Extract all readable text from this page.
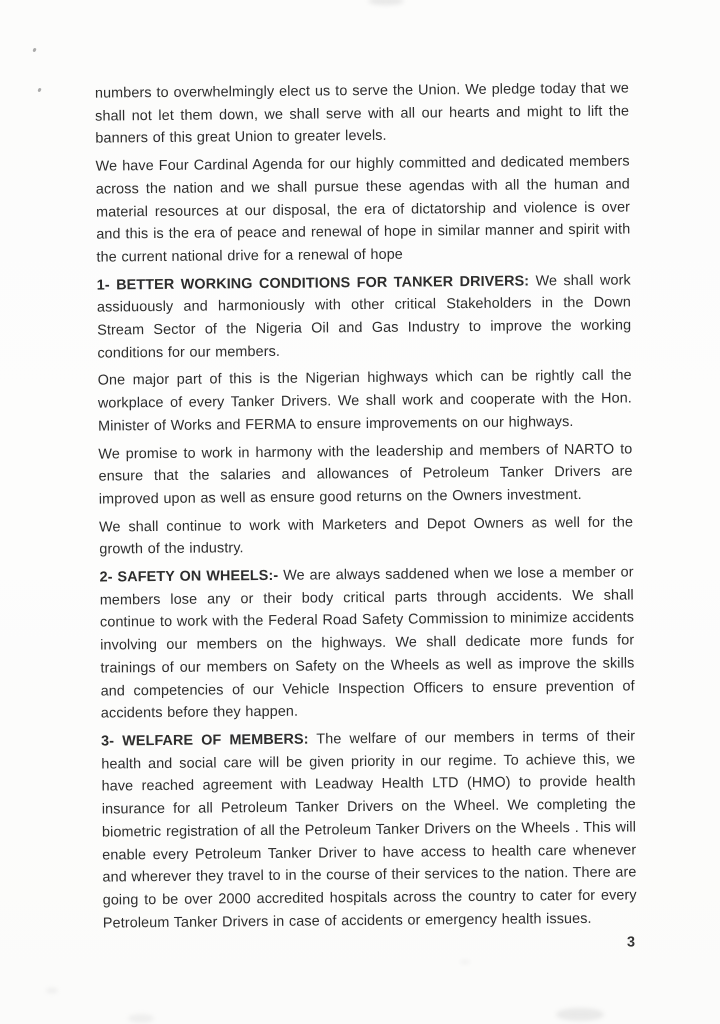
numbers to overwhelmingly elect us to serve the Union. We pledge today that we shall not let them down, we shall serve with all our hearts and might to lift the banners of this great Union to greater levels.

We have Four Cardinal Agenda for our highly committed and dedicated members across the nation and we shall pursue these agendas with all the human and material resources at our disposal, the era of dictatorship and violence is over and this is the era of peace and renewal of hope in similar manner and spirit with the current national drive for a renewal of hope

1- BETTER WORKING CONDITIONS FOR TANKER DRIVERS: We shall work assiduously and harmoniously with other critical Stakeholders in the Down Stream Sector of the Nigeria Oil and Gas Industry to improve the working conditions for our members.

One major part of this is the Nigerian highways which can be rightly call the workplace of every Tanker Drivers. We shall work and cooperate with the Hon. Minister of Works and FERMA to ensure improvements on our highways.

We promise to work in harmony with the leadership and members of NARTO to ensure that the salaries and allowances of Petroleum Tanker Drivers are improved upon as well as ensure good returns on the Owners investment.

We shall continue to work with Marketers and Depot Owners as well for the growth of the industry.

2- SAFETY ON WHEELS:- We are always saddened when we lose a member or members lose any or their body critical parts through accidents. We shall continue to work with the Federal Road Safety Commission to minimize accidents involving our members on the highways. We shall dedicate more funds for trainings of our members on Safety on the Wheels as well as improve the skills and competencies of our Vehicle Inspection Officers to ensure prevention of accidents before they happen.

3- WELFARE OF MEMBERS: The welfare of our members in terms of their health and social care will be given priority in our regime. To achieve this, we have reached agreement with Leadway Health LTD (HMO) to provide health insurance for all Petroleum Tanker Drivers on the Wheel. We completing the biometric registration of all the Petroleum Tanker Drivers on the Wheels . This will enable every Petroleum Tanker Driver to have access to health care whenever and wherever they travel to in the course of their services to the nation. There are going to be over 2000 accredited hospitals across the country to cater for every Petroleum Tanker Drivers in case of accidents or emergency health issues.

3
